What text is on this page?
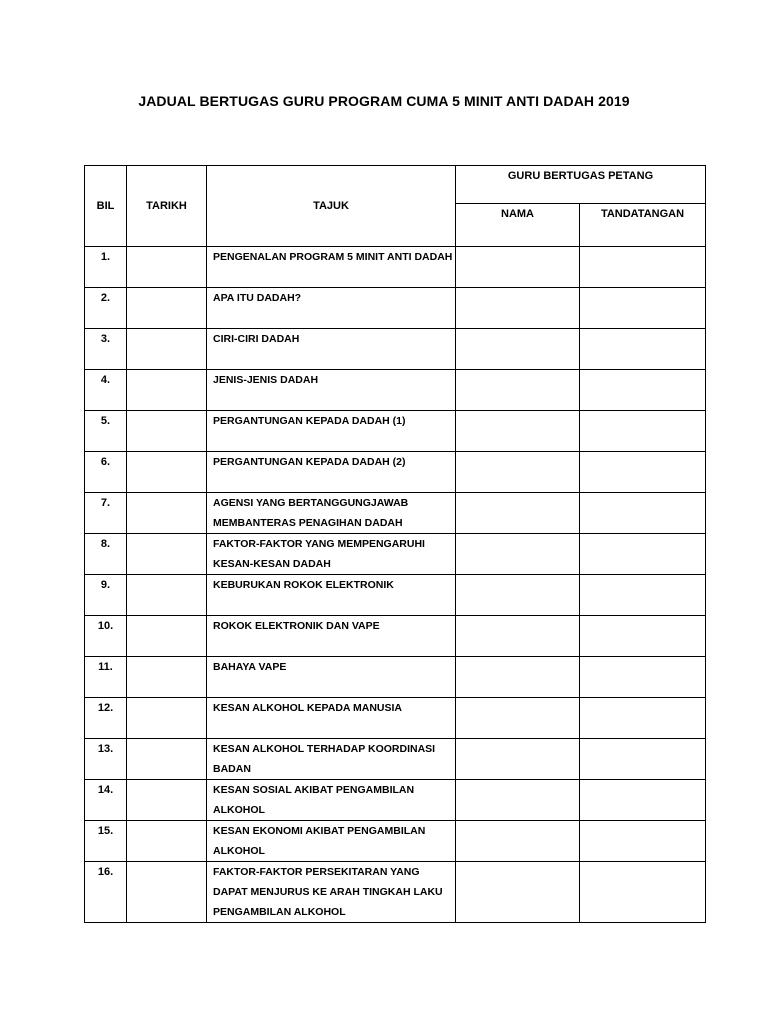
JADUAL BERTUGAS GURU PROGRAM CUMA 5 MINIT ANTI DADAH 2019
BIL	TARIKH	TAJUK	GURU BERTUGAS PETANG	
			NAMA	TANDATANGAN
1.		PENGENALAN PROGRAM 5 MINIT ANTI DADAH		
2.		APA ITU DADAH?		
3.		CIRI-CIRI DADAH		
4.		JENIS-JENIS DADAH		
5.		PERGANTUNGAN KEPADA DADAH (1)		
6.		PERGANTUNGAN KEPADA DADAH (2)		
7.		AGENSI YANG BERTANGGUNGJAWAB MEMBANTERAS PENAGIHAN DADAH		
8.		FAKTOR-FAKTOR YANG MEMPENGARUHI KESAN-KESAN DADAH		
9.		KEBURUKAN ROKOK ELEKTRONIK		
10.		ROKOK ELEKTRONIK DAN VAPE		
11.		BAHAYA VAPE		
12.		KESAN ALKOHOL KEPADA MANUSIA		
13.		KESAN ALKOHOL TERHADAP KOORDINASI BADAN		
14.		KESAN SOSIAL AKIBAT PENGAMBILAN ALKOHOL		
15.		KESAN EKONOMI AKIBAT PENGAMBILAN ALKOHOL		
16.		FAKTOR-FAKTOR PERSEKITARAN YANG DAPAT MENJURUS KE ARAH TINGKAH LAKU PENGAMBILAN ALKOHOL		
